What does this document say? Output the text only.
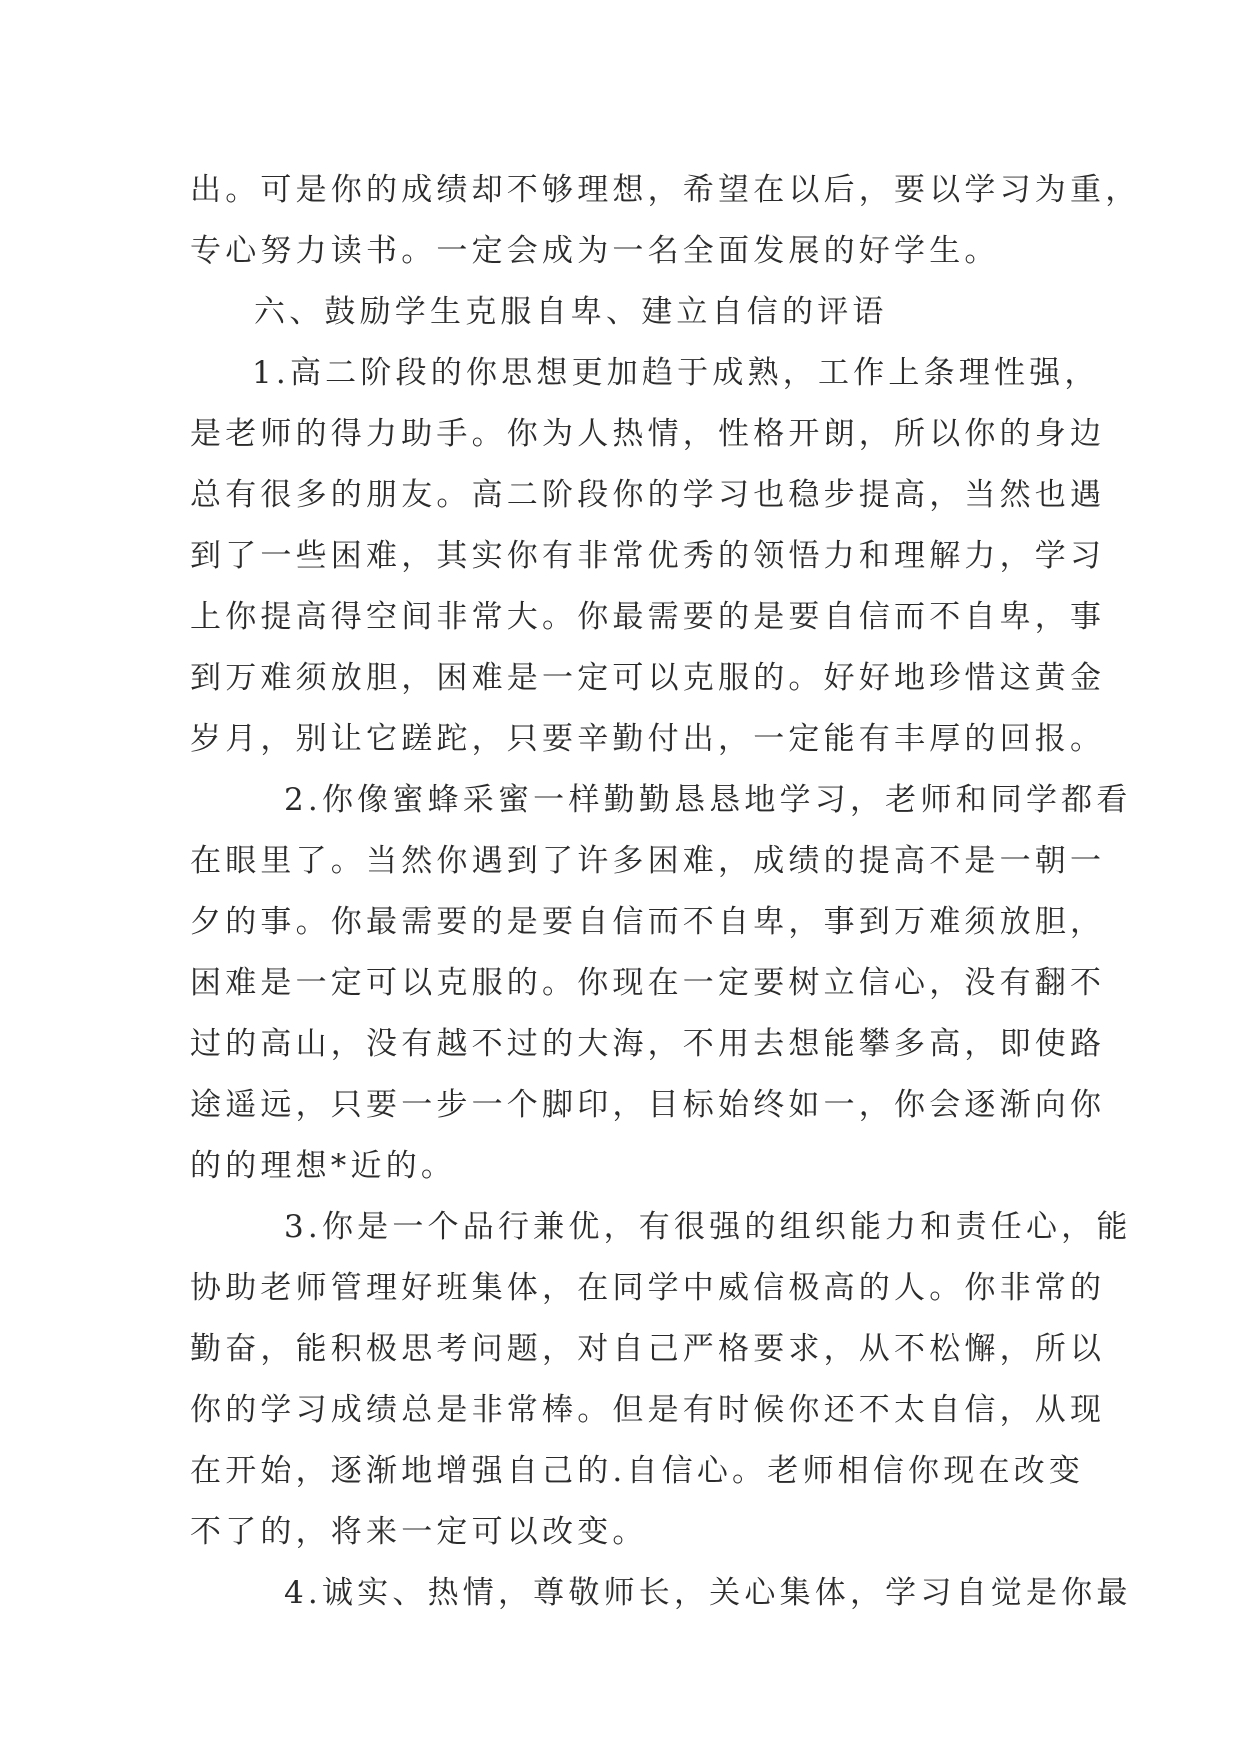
出。可是你的成绩却不够理想，希望在以后，要以学习为重，
专心努力读书。一定会成为一名全面发展的好学生。
六、鼓励学生克服自卑、建立自信的评语
1.高二阶段的你思想更加趋于成熟，工作上条理性强，
是老师的得力助手。你为人热情，性格开朗，所以你的身边
总有很多的朋友。高二阶段你的学习也稳步提高，当然也遇
到了一些困难，其实你有非常优秀的领悟力和理解力，学习
上你提高得空间非常大。你最需要的是要自信而不自卑，事
到万难须放胆，困难是一定可以克服的。好好地珍惜这黄金
岁月，别让它蹉跎，只要辛勤付出，一定能有丰厚的回报。
2.你像蜜蜂采蜜一样勤勤恳恳地学习，老师和同学都看
在眼里了。当然你遇到了许多困难，成绩的提高不是一朝一
夕的事。你最需要的是要自信而不自卑，事到万难须放胆，
困难是一定可以克服的。你现在一定要树立信心，没有翻不
过的高山，没有越不过的大海，不用去想能攀多高，即使路
途遥远，只要一步一个脚印，目标始终如一，你会逐渐向你
的的理想*近的。
3.你是一个品行兼优，有很强的组织能力和责任心，能
协助老师管理好班集体，在同学中威信极高的人。你非常的
勤奋，能积极思考问题，对自己严格要求，从不松懈，所以
你的学习成绩总是非常棒。但是有时候你还不太自信，从现
在开始，逐渐地增强自己的.自信心。老师相信你现在改变
不了的，将来一定可以改变。
4.诚实、热情，尊敬师长，关心集体，学习自觉是你最
